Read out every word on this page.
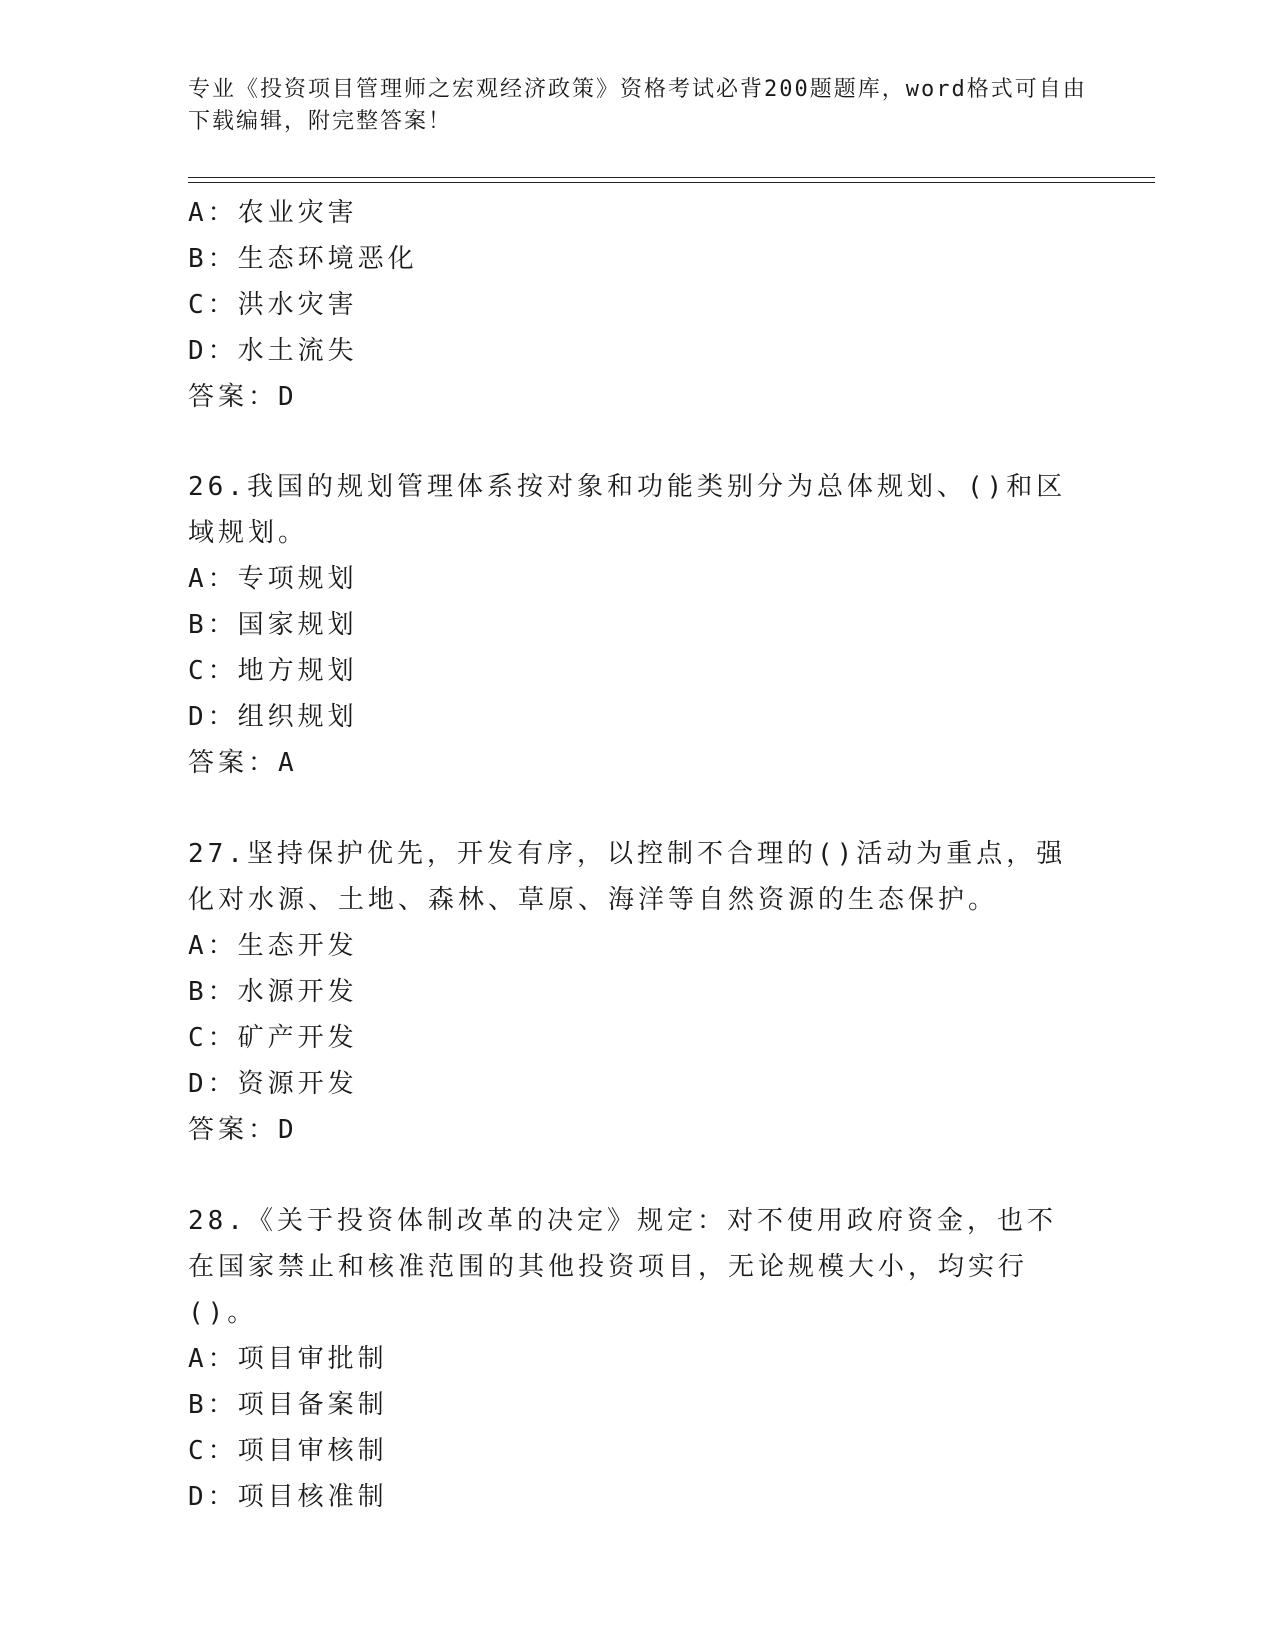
专业《投资项目管理师之宏观经济政策》资格考试必背200题题库，word格式可自由下载编辑，附完整答案！
A：农业灾害
B：生态环境恶化
C：洪水灾害
D：水土流失
答案：D

26.我国的规划管理体系按对象和功能类别分为总体规划、()和区域规划。

A：专项规划
B：国家规划
C：地方规划
D：组织规划
答案：A

27.坚持保护优先，开发有序，以控制不合理的()活动为重点，强化对水源、土地、森林、草原、海洋等自然资源的生态保护。

A：生态开发
B：水源开发
C：矿产开发
D：资源开发
答案：D

28.《关于投资体制改革的决定》规定：对不使用政府资金，也不在国家禁止和核准范围的其他投资项目，无论规模大小，均实行()。

A：项目审批制
B：项目备案制
C：项目审核制
D：项目核准制
